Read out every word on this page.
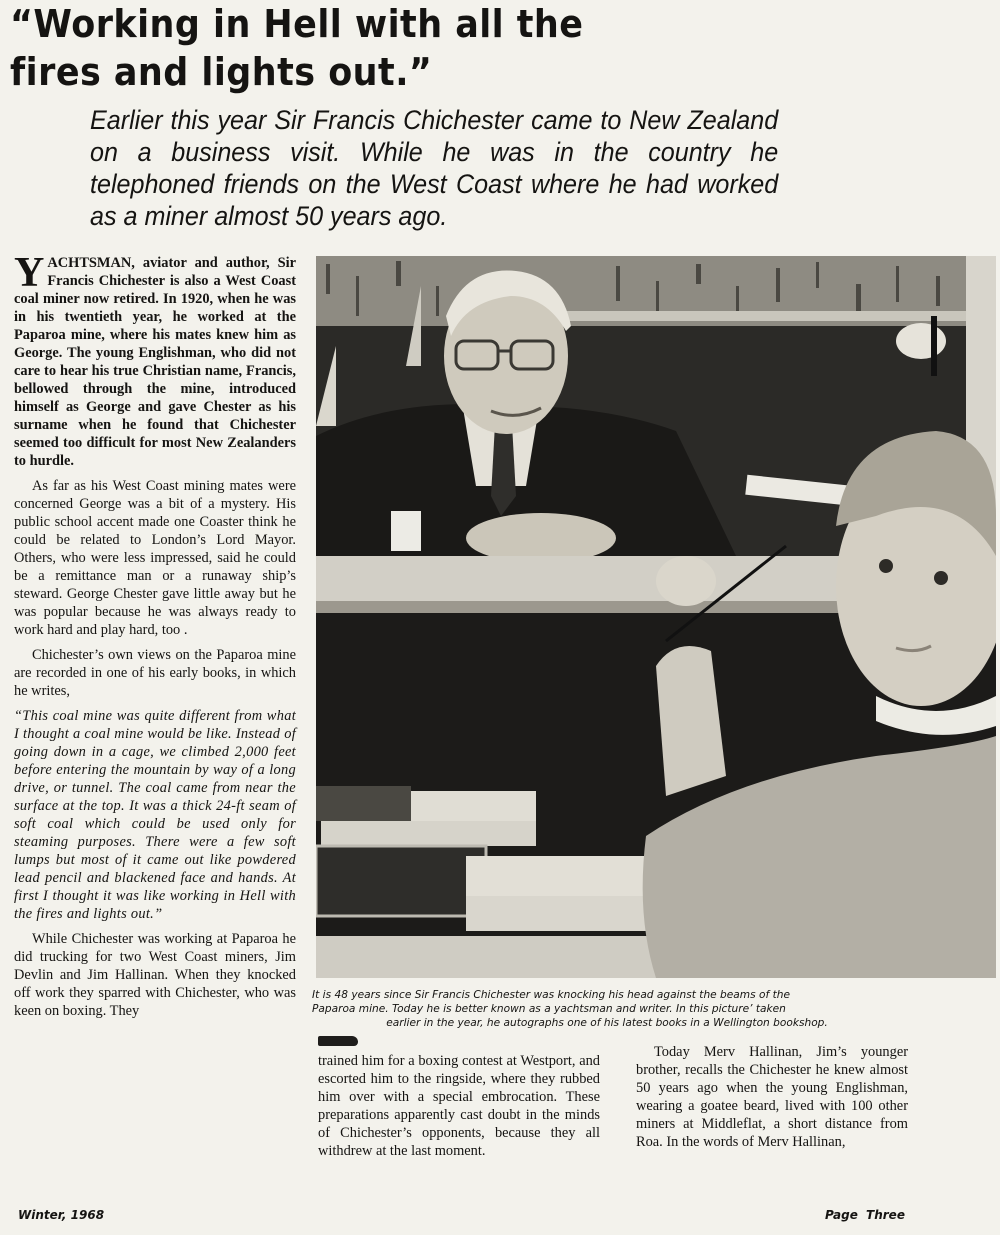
“Working in Hell with all the
fires and lights out.”

Earlier this year Sir Francis Chichester came to New Zealand on a business visit. While he was in the country he telephoned friends on the West Coast where he had worked as a miner almost 50 years ago.

YACHTSMAN, aviator and author, Sir Francis Chichester is also a West Coast coal miner now retired. In 1920, when he was in his twentieth year, he worked at the Paparoa mine, where his mates knew him as George. The young Englishman, who did not care to hear his true Christian name, Francis, bellowed through the mine, introduced himself as George and gave Chester as his surname when he found that Chichester seemed too difficult for most New Zealanders to hurdle.

As far as his West Coast mining mates were concerned George was a bit of a mystery. His public school accent made one Coaster think he could be related to London’s Lord Mayor. Others, who were less impressed, said he could be a remittance man or a runaway ship’s steward. George Chester gave little away but he was popular because he was always ready to work hard and play hard, too .

Chichester’s own views on the Paparoa mine are recorded in one of his early books, in which he writes,

“This coal mine was quite different from what I thought a coal mine would be like. Instead of going down in a cage, we climbed 2,000 feet before entering the mountain by way of a long drive, or tunnel. The coal came from near the surface at the top. It was a thick 24-ft seam of soft coal which could be used only for steaming purposes. There were a few soft lumps but most of it came out like powdered lead pencil and blackened face and hands. At first I thought it was like working in Hell with the fires and lights out.”

While Chichester was working at Paparoa he did trucking for two West Coast miners, Jim Devlin and Jim Hallinan. When they knocked off work they sparred with Chichester, who was keen on boxing. They

It is 48 years since Sir Francis Chichester was knocking his head against the beams of the
Paparoa mine. Today he is better known as a yachtsman and writer. In this picture’ taken
earlier in the year, he autographs one of his latest books in a Wellington bookshop.

trained him for a boxing contest at Westport, and escorted him to the ringside, where they rubbed him over with a special embrocation. These preparations apparently cast doubt in the minds of Chichester’s opponents, because they all withdrew at the last moment.

Today Merv Hallinan, Jim’s younger brother, recalls the Chichester he knew almost 50 years ago when the young Englishman, wearing a goatee beard, lived with 100 other miners at Middleflat, a short distance from Roa. In the words of Merv Hallinan,

Winter, 1968	Page Three
